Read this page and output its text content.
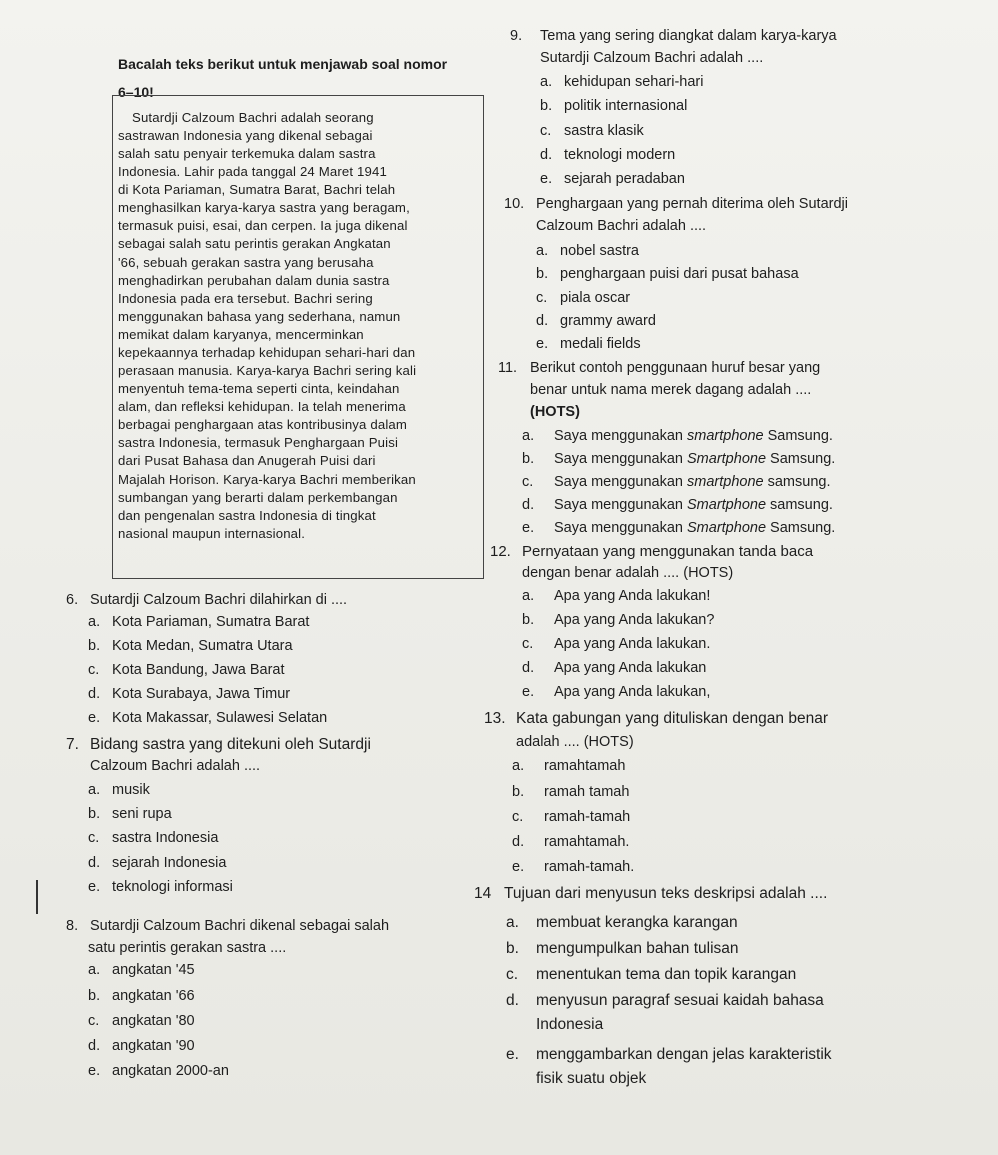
Bacalah teks berikut untuk menjawab soal nomor
6–10!
Sutardji Calzoum Bachri adalah seorang
sastrawan Indonesia yang dikenal sebagai
salah satu penyair terkemuka dalam sastra
Indonesia. Lahir pada tanggal 24 Maret 1941
di Kota Pariaman, Sumatra Barat, Bachri telah
menghasilkan karya-karya sastra yang beragam,
termasuk puisi, esai, dan cerpen. Ia juga dikenal
sebagai salah satu perintis gerakan Angkatan
'66, sebuah gerakan sastra yang berusaha
menghadirkan perubahan dalam dunia sastra
Indonesia pada era tersebut. Bachri sering
menggunakan bahasa yang sederhana, namun
memikat dalam karyanya, mencerminkan
kepekaannya terhadap kehidupan sehari-hari dan
perasaan manusia. Karya-karya Bachri sering kali
menyentuh tema-tema seperti cinta, keindahan
alam, dan refleksi kehidupan. Ia telah menerima
berbagai penghargaan atas kontribusinya dalam
sastra Indonesia, termasuk Penghargaan Puisi
dari Pusat Bahasa dan Anugerah Puisi dari
Majalah Horison. Karya-karya Bachri memberikan
sumbangan yang berarti dalam perkembangan
dan pengenalan sastra Indonesia di tingkat
nasional maupun internasional.
6. Sutardji Calzoum Bachri dilahirkan di ....
a. Kota Pariaman, Sumatra Barat
b. Kota Medan, Sumatra Utara
c. Kota Bandung, Jawa Barat
d. Kota Surabaya, Jawa Timur
e. Kota Makassar, Sulawesi Selatan
7. Bidang sastra yang ditekuni oleh Sutardji
Calzoum Bachri adalah ....
a. musik
b. seni rupa
c. sastra Indonesia
d. sejarah Indonesia
e. teknologi informasi
8. Sutardji Calzoum Bachri dikenal sebagai salah
satu perintis gerakan sastra ....
a. angkatan '45
b. angkatan '66
c. angkatan '80
d. angkatan '90
e. angkatan 2000-an
9. Tema yang sering diangkat dalam karya-karya
Sutardji Calzoum Bachri adalah ....
a. kehidupan sehari-hari
b. politik internasional
c. sastra klasik
d. teknologi modern
e. sejarah peradaban
10. Penghargaan yang pernah diterima oleh Sutardji
Calzoum Bachri adalah ....
a. nobel sastra
b. penghargaan puisi dari pusat bahasa
c. piala oscar
d. grammy award
e. medali fields
11. Berikut contoh penggunaan huruf besar yang
benar untuk nama merek dagang adalah ....
(HOTS)
a. Saya menggunakan smartphone Samsung.
b. Saya menggunakan Smartphone Samsung.
c. Saya menggunakan smartphone samsung.
d. Saya menggunakan Smartphone samsung.
e. Saya menggunakan Smartphone Samsung.
12. Pernyataan yang menggunakan tanda baca
dengan benar adalah .... (HOTS)
a. Apa yang Anda lakukan!
b. Apa yang Anda lakukan?
c. Apa yang Anda lakukan.
d. Apa yang Anda lakukan
e. Apa yang Anda lakukan,
13. Kata gabungan yang dituliskan dengan benar
adalah .... (HOTS)
a. ramahtamah
b. ramah tamah
c. ramah-tamah
d. ramahtamah.
e. ramah-tamah.
14 Tujuan dari menyusun teks deskripsi adalah ....
a. membuat kerangka karangan
b. mengumpulkan bahan tulisan
c. menentukan tema dan topik karangan
d. menyusun paragraf sesuai kaidah bahasa
Indonesia
e. menggambarkan dengan jelas karakteristik
fisik suatu objek
